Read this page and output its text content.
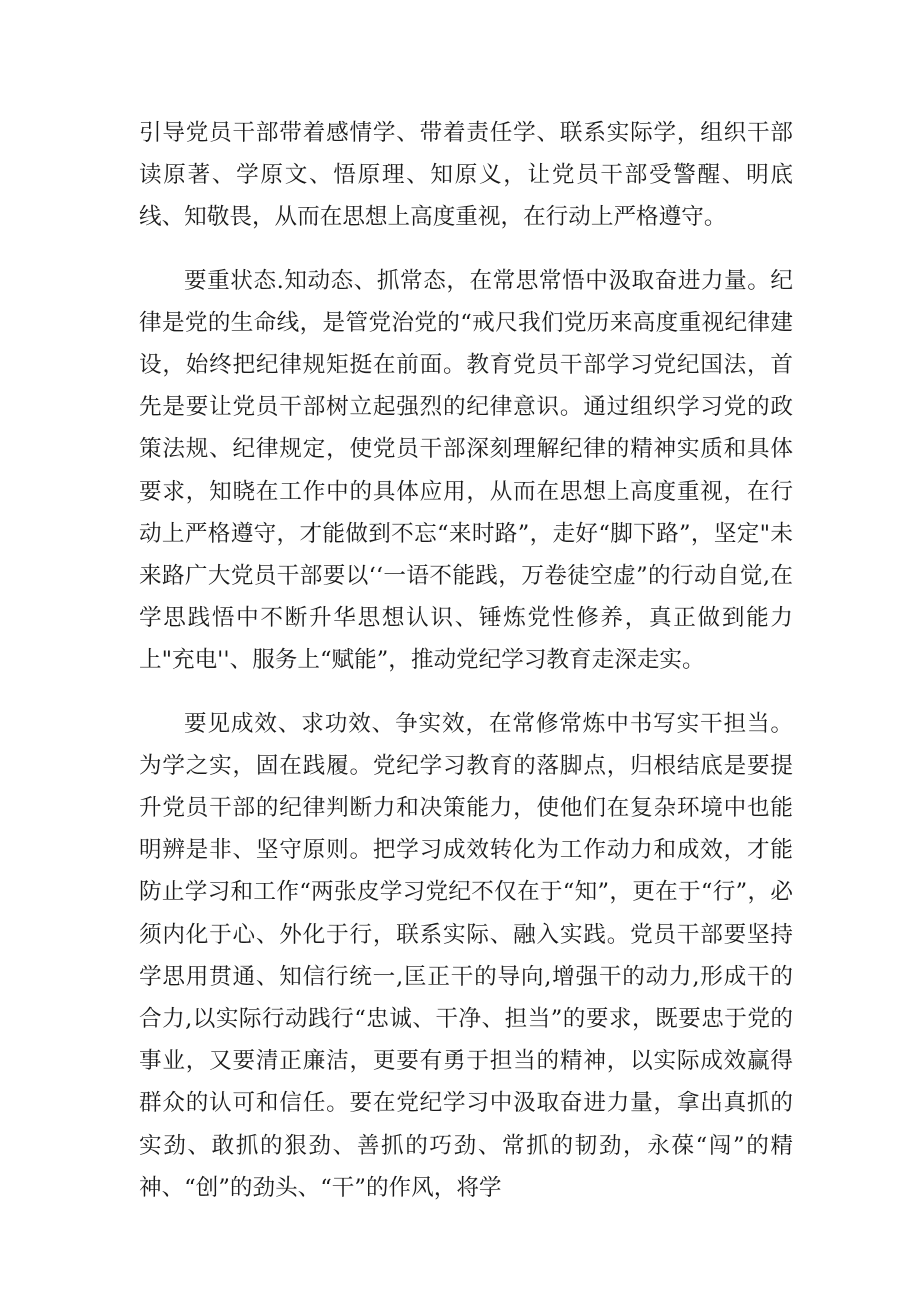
引导党员干部带着感情学、带着责任学、联系实际学，组织干部读原著、学原文、悟原理、知原义，让党员干部受警醒、明底线、知敬畏，从而在思想上高度重视，在行动上严格遵守。

要重状态.知动态、抓常态，在常思常悟中汲取奋进力量。纪律是党的生命线，是管党治党的“戒尺我们党历来高度重视纪律建设，始终把纪律规矩挺在前面。教育党员干部学习党纪国法，首先是要让党员干部树立起强烈的纪律意识。通过组织学习党的政策法规、纪律规定，使党员干部深刻理解纪律的精神实质和具体要求，知晓在工作中的具体应用，从而在思想上高度重视，在行动上严格遵守，才能做到不忘“来时路”，走好“脚下路”，坚定"未来路广大党员干部要以‘‘一语不能践，万卷徒空虚”的行动自觉,在学思践悟中不断升华思想认识、锤炼党性修养，真正做到能力上"充电''、服务上“赋能”，推动党纪学习教育走深走实。

要见成效、求功效、争实效，在常修常炼中书写实干担当。为学之实，固在践履。党纪学习教育的落脚点，归根结底是要提升党员干部的纪律判断力和决策能力，使他们在复杂环境中也能明辨是非、坚守原则。把学习成效转化为工作动力和成效，才能防止学习和工作“两张皮学习党纪不仅在于“知”，更在于“行”，必须内化于心、外化于行，联系实际、融入实践。党员干部要坚持学思用贯通、知信行统一,匡正干的导向,增强干的动力,形成干的合力,以实际行动践行“忠诚、干净、担当”的要求，既要忠于党的事业，又要清正廉洁，更要有勇于担当的精神，以实际成效赢得群众的认可和信任。要在党纪学习中汲取奋进力量，拿出真抓的实劲、敢抓的狠劲、善抓的巧劲、常抓的韧劲，永葆“闯”的精神、“创”的劲头、“干”的作风，将学
